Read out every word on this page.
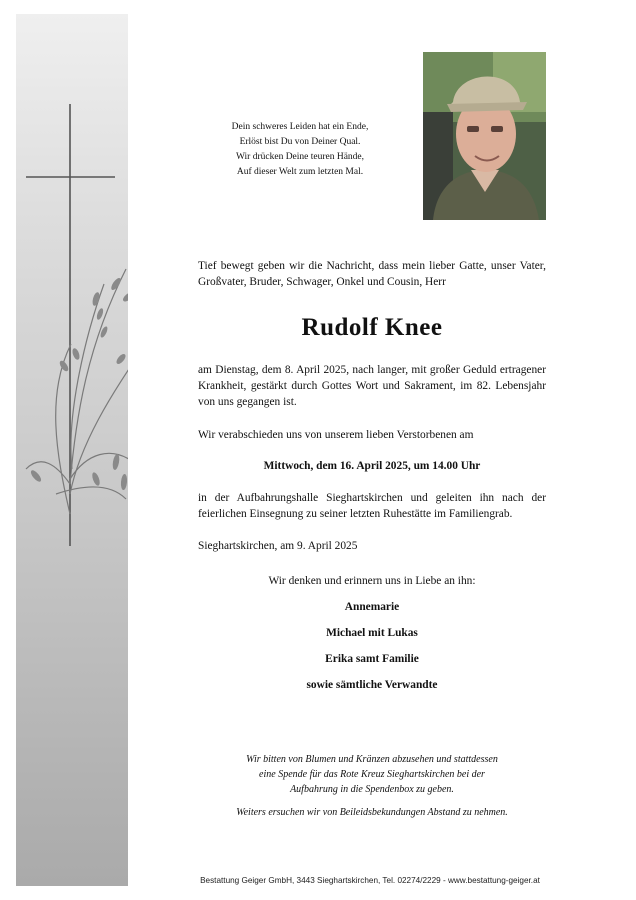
Dein schweres Leiden hat ein Ende,
Erlöst bist Du von Deiner Qual.
Wir drücken Deine teuren Hände,
Auf dieser Welt zum letzten Mal.
Tief bewegt geben wir die Nachricht, dass mein lieber Gatte, unser Vater, Großvater, Bruder, Schwager, Onkel und Cousin, Herr
Rudolf Knee
am Dienstag, dem 8. April 2025, nach langer, mit großer Geduld ertragener Krankheit, gestärkt durch Gottes Wort und Sakrament, im 82. Lebensjahr von uns gegangen ist.
Wir verabschieden uns von unserem lieben Verstorbenen am
Mittwoch, dem 16. April 2025, um 14.00 Uhr
in der Aufbahrungshalle Sieghartskirchen und geleiten ihn nach der feierlichen Einsegnung zu seiner letzten Ruhestätte im Familiengrab.
Sieghartskirchen, am 9. April 2025
Wir denken und erinnern uns in Liebe an ihn:
Annemarie
Michael mit Lukas
Erika samt Familie
sowie sämtliche Verwandte
Wir bitten von Blumen und Kränzen abzusehen und stattdessen
eine Spende für das Rote Kreuz Sieghartskirchen bei der
Aufbahrung in die Spendenbox zu geben.
Weiters ersuchen wir von Beileidsbekundungen Abstand zu nehmen.
Bestattung Geiger GmbH, 3443 Sieghartskirchen, Tel. 02274/2229 - www.bestattung-geiger.at
